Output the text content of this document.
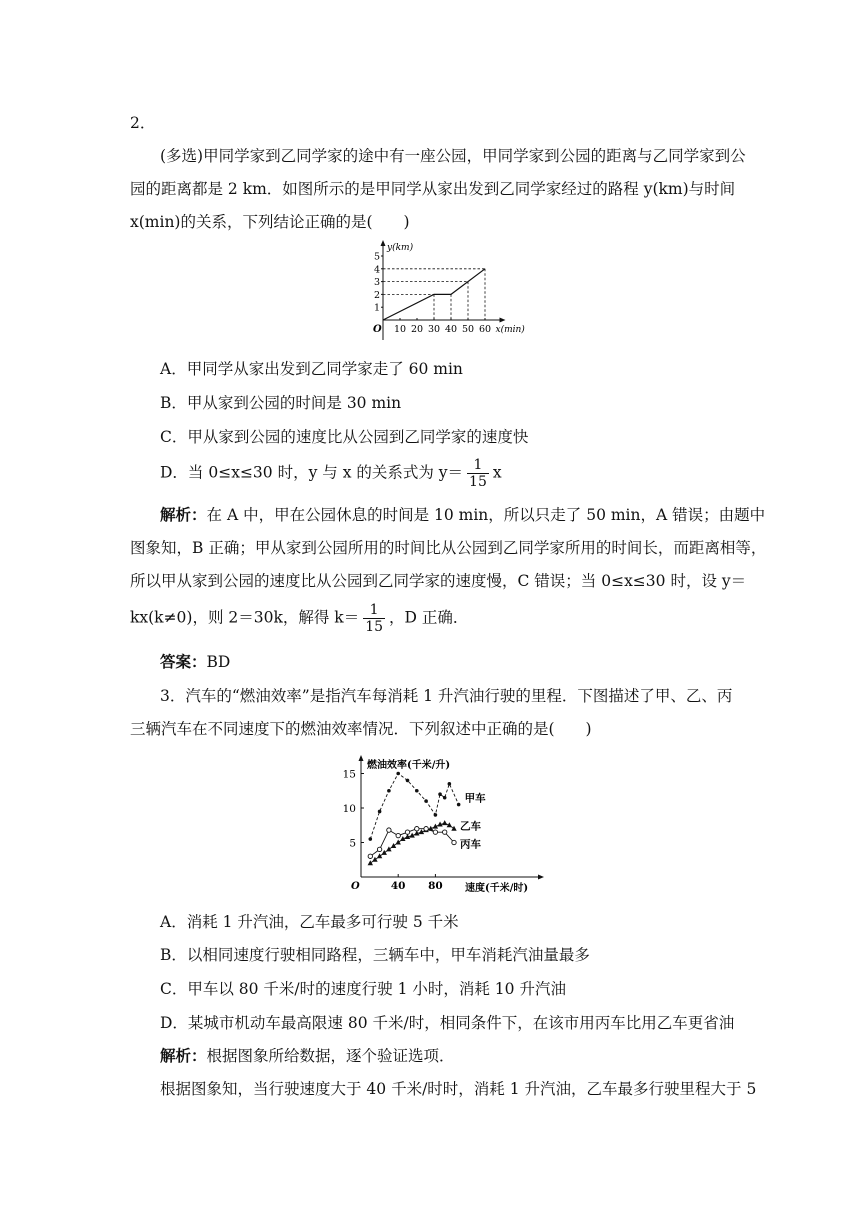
2．
(多选)甲同学家到乙同学家的途中有一座公园，甲同学家到公园的距离与乙同学家到公
园的距离都是 2 km．如图所示的是甲同学从家出发到乙同学家经过的路程 y(km)与时间
x(min)的关系，下列结论正确的是(　　)
y(km)
x(min)
O
1
2
3
4
5
10 20 30 40 50 60
A．甲同学从家出发到乙同学家走了 60 min
B．甲从家到公园的时间是 30 min
C．甲从家到公园的速度比从公园到乙同学家的速度快
D．当 0≤x≤30 时，y 与 x 的关系式为 $y= \frac{1}{15}$ x
解析：在 A 中，甲在公园休息的时间是 10 min，所以只走了 50 min，A 错误；由题中
图象知，B 正确；甲从家到公园所用的时间比从公园到乙同学家所用的时间长，而距离相等，
所以甲从家到公园的速度比从公园到乙同学家的速度慢，C 错误；当 0≤x≤30 时，设 y＝
kx(k≠0)，则 2＝30k，解得 $k= \frac{1}{15}$ ，D 正确．
答案：BD
3．汽车的“燃油效率”是指汽车每消耗 1 升汽油行驶的里程．下图描述了甲、乙、丙
三辆汽车在不同速度下的燃油效率情况．下列叙述中正确的是(　　)
燃油效率(千米/升)
速度(千米/时)
O
5
10
15
40 80
甲车
乙车
丙车
A．消耗 1 升汽油，乙车最多可行驶 5 千米
B．以相同速度行驶相同路程，三辆车中，甲车消耗汽油量最多
C．甲车以 80 千米/时的速度行驶 1 小时，消耗 10 升汽油
D．某城市机动车最高限速 80 千米/时，相同条件下，在该市用丙车比用乙车更省油
解析：根据图象所给数据，逐个验证选项．
根据图象知，当行驶速度大于 40 千米/时时，消耗 1 升汽油，乙车最多行驶里程大于 5
